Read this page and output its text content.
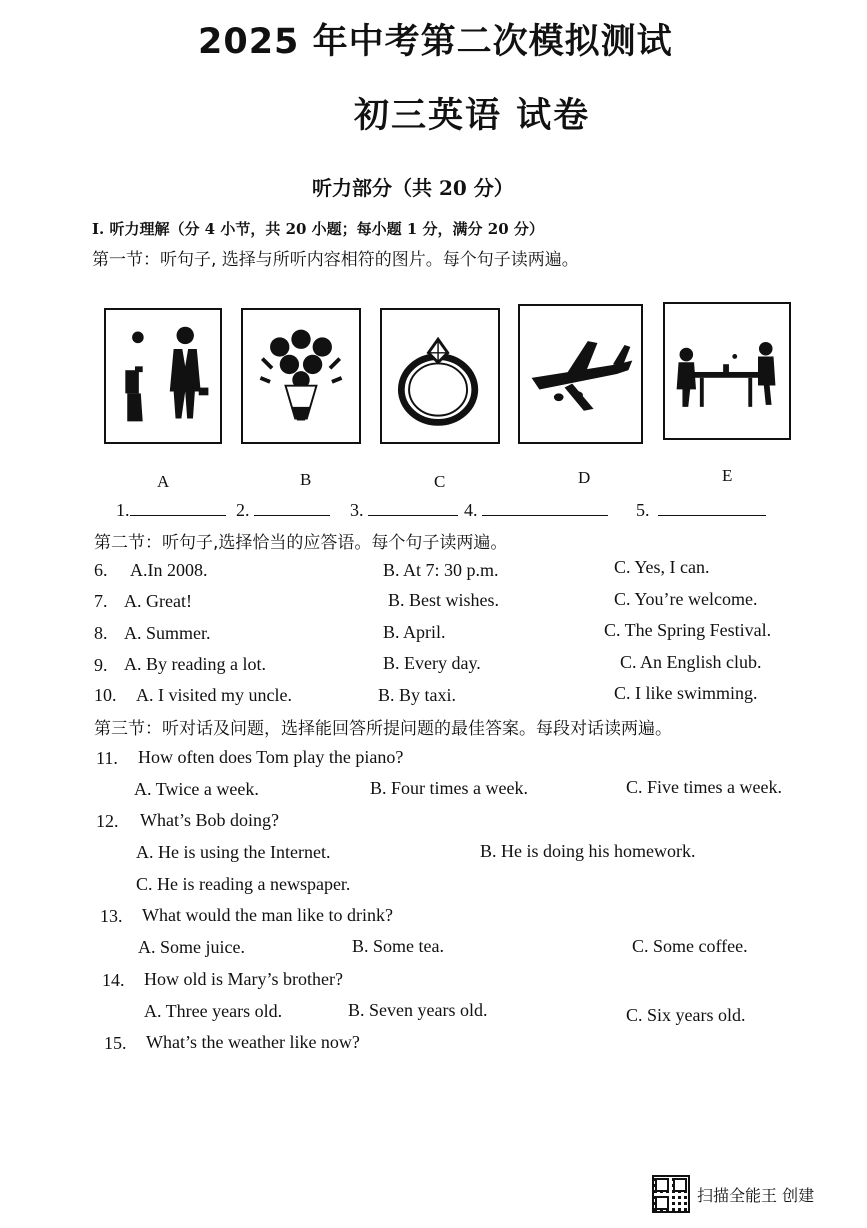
2025 年中考第二次模拟测试
初三英语 试卷
听力部分（共 20 分）
I. 听力理解（分 4 小节，共 20 小题；每小题 1 分，满分 20 分）
第一节：听句子, 选择与所听内容相符的图片。每个句子读两遍。
A	B	C	D	E
1.	2.	3.	4.	5.
第二节：听句子,选择恰当的应答语。每个句子读两遍。
6. A.In 2008.	B. At 7: 30 p.m.	C. Yes, I can.
7. A. Great!	B. Best wishes.	C. You’re welcome.
8. A. Summer.	B. April.	C. The Spring Festival.
9. A. By reading a lot.	B. Every day.	C. An English club.
10. A. I visited my uncle.	B. By taxi.	C. I like swimming.
第三节：听对话及问题，选择能回答所提问题的最佳答案。每段对话读两遍。
11. How often does Tom play the piano?
A. Twice a week.	B. Four times a week.	C. Five times a week.
12. What’s Bob doing?
A. He is using the Internet.	B. He is doing his homework.
C. He is reading a newspaper.
13. What would the man like to drink?
A. Some juice.	B. Some tea.	C. Some coffee.
14. How old is Mary’s brother?
A. Three years old.	B. Seven years old.	C. Six years old.
15. What’s the weather like now?
扫描全能王 创建
